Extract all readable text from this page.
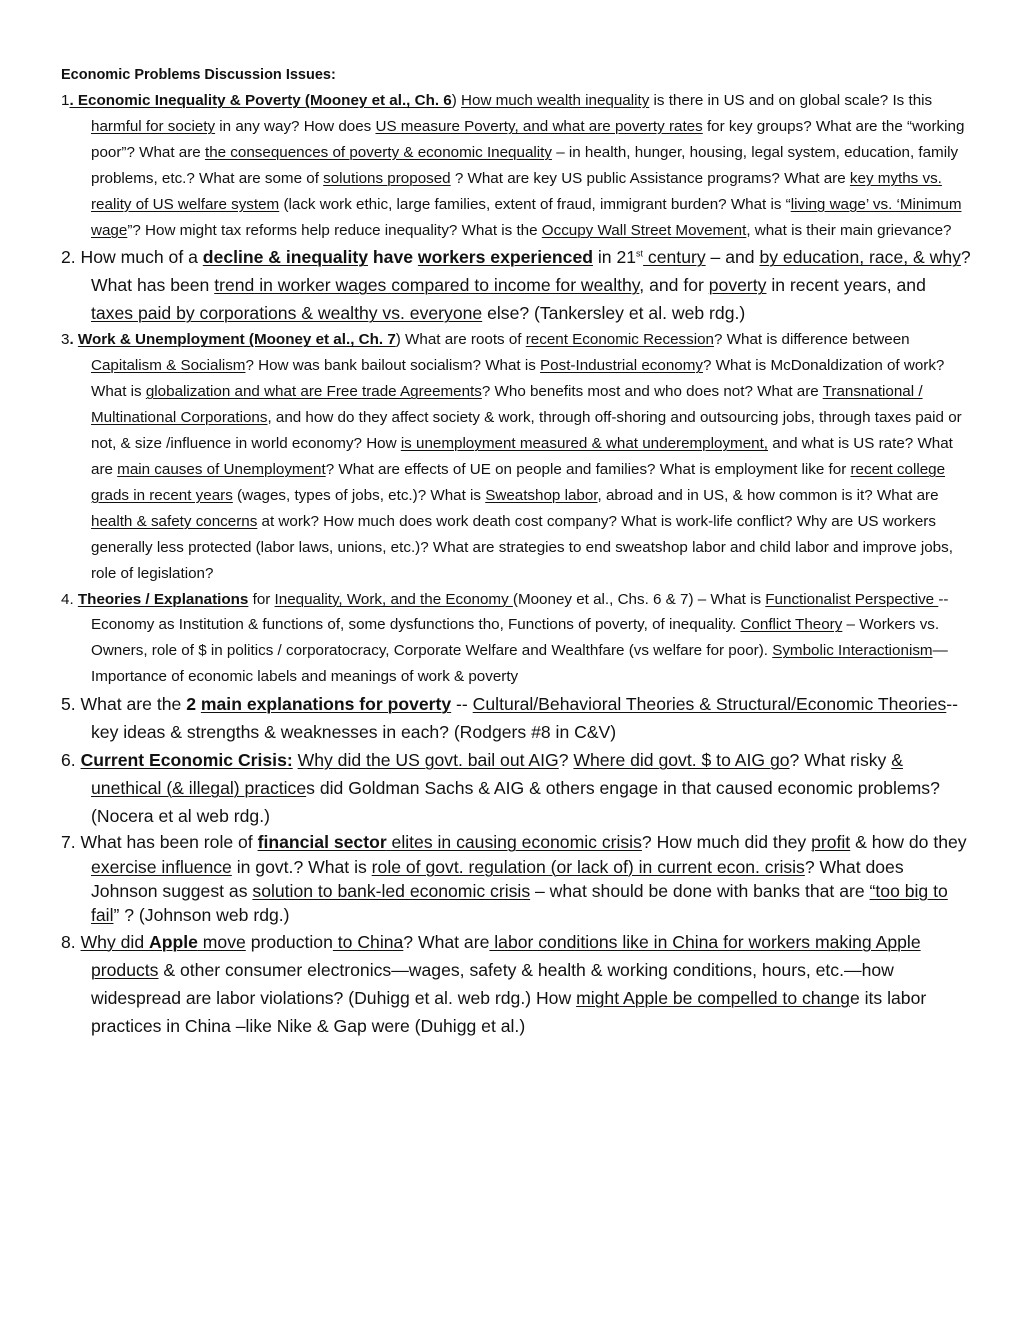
Economic Problems Discussion Issues:

1. Economic Inequality & Poverty (Mooney et al., Ch. 6) How much wealth inequality is there in US and on global scale? Is this harmful for society in any way? How does US measure Poverty, and what are poverty rates for key groups? What are the “working poor”? What are the consequences of poverty & economic Inequality – in health, hunger, housing, legal system, education, family problems, etc.? What are some of solutions proposed ? What are key US public Assistance programs? What are key myths vs. reality of US welfare system (lack work ethic, large families, extent of fraud, immigrant burden? What is “living wage’ vs. ‘Minimum wage”? How might tax reforms help reduce inequality? What is the Occupy Wall Street Movement, what is their main grievance?

2. How much of a decline & inequality have workers experienced in 21st century – and by education, race, & why? What has been trend in worker wages compared to income for wealthy, and for poverty in recent years, and taxes paid by corporations & wealthy vs. everyone else? (Tankersley et al. web rdg.)

3. Work & Unemployment (Mooney et al., Ch. 7) What are roots of recent Economic Recession? What is difference between Capitalism & Socialism? How was bank bailout socialism? What is Post-Industrial economy? What is McDonaldization of work? What is globalization and what are Free trade Agreements? Who benefits most and who does not? What are Transnational / Multinational Corporations, and how do they affect society & work, through off-shoring and outsourcing jobs, through taxes paid or not, & size /influence in world economy? How is unemployment measured & what underemployment, and what is US rate? What are main causes of Unemployment? What are effects of UE on people and families? What is employment like for recent college grads in recent years (wages, types of jobs, etc.)? What is Sweatshop labor, abroad and in US, & how common is it? What are health & safety concerns at work? How much does work death cost company? What is work-life conflict? Why are US workers generally less protected (labor laws, unions, etc.)? What are strategies to end sweatshop labor and child labor and improve jobs, role of legislation?

4. Theories / Explanations for Inequality, Work, and the Economy (Mooney et al., Chs. 6 & 7) – What is Functionalist Perspective -- Economy as Institution & functions of, some dysfunctions tho, Functions of poverty, of inequality. Conflict Theory – Workers vs. Owners, role of $ in politics / corporatocracy, Corporate Welfare and Wealthfare (vs welfare for poor). Symbolic Interactionism—Importance of economic labels and meanings of work & poverty

5. What are the 2 main explanations for poverty -- Cultural/Behavioral Theories & Structural/Economic Theories-- key ideas & strengths & weaknesses in each? (Rodgers #8 in C&V)

6. Current Economic Crisis: Why did the US govt. bail out AIG? Where did govt. $ to AIG go? What risky & unethical (& illegal) practices did Goldman Sachs & AIG & others engage in that caused economic problems? (Nocera et al web rdg.)

7. What has been role of financial sector elites in causing economic crisis? How much did they profit & how do they exercise influence in govt.? What is role of govt. regulation (or lack of) in current econ. crisis? What does Johnson suggest as solution to bank-led economic crisis – what should be done with banks that are “too big to fail” ? (Johnson web rdg.)

8. Why did Apple move production to China? What are labor conditions like in China for workers making Apple products & other consumer electronics—wages, safety & health & working conditions, hours, etc.—how widespread are labor violations? (Duhigg et al. web rdg.) How might Apple be compelled to change its labor practices in China –like Nike & Gap were (Duhigg et al.)
